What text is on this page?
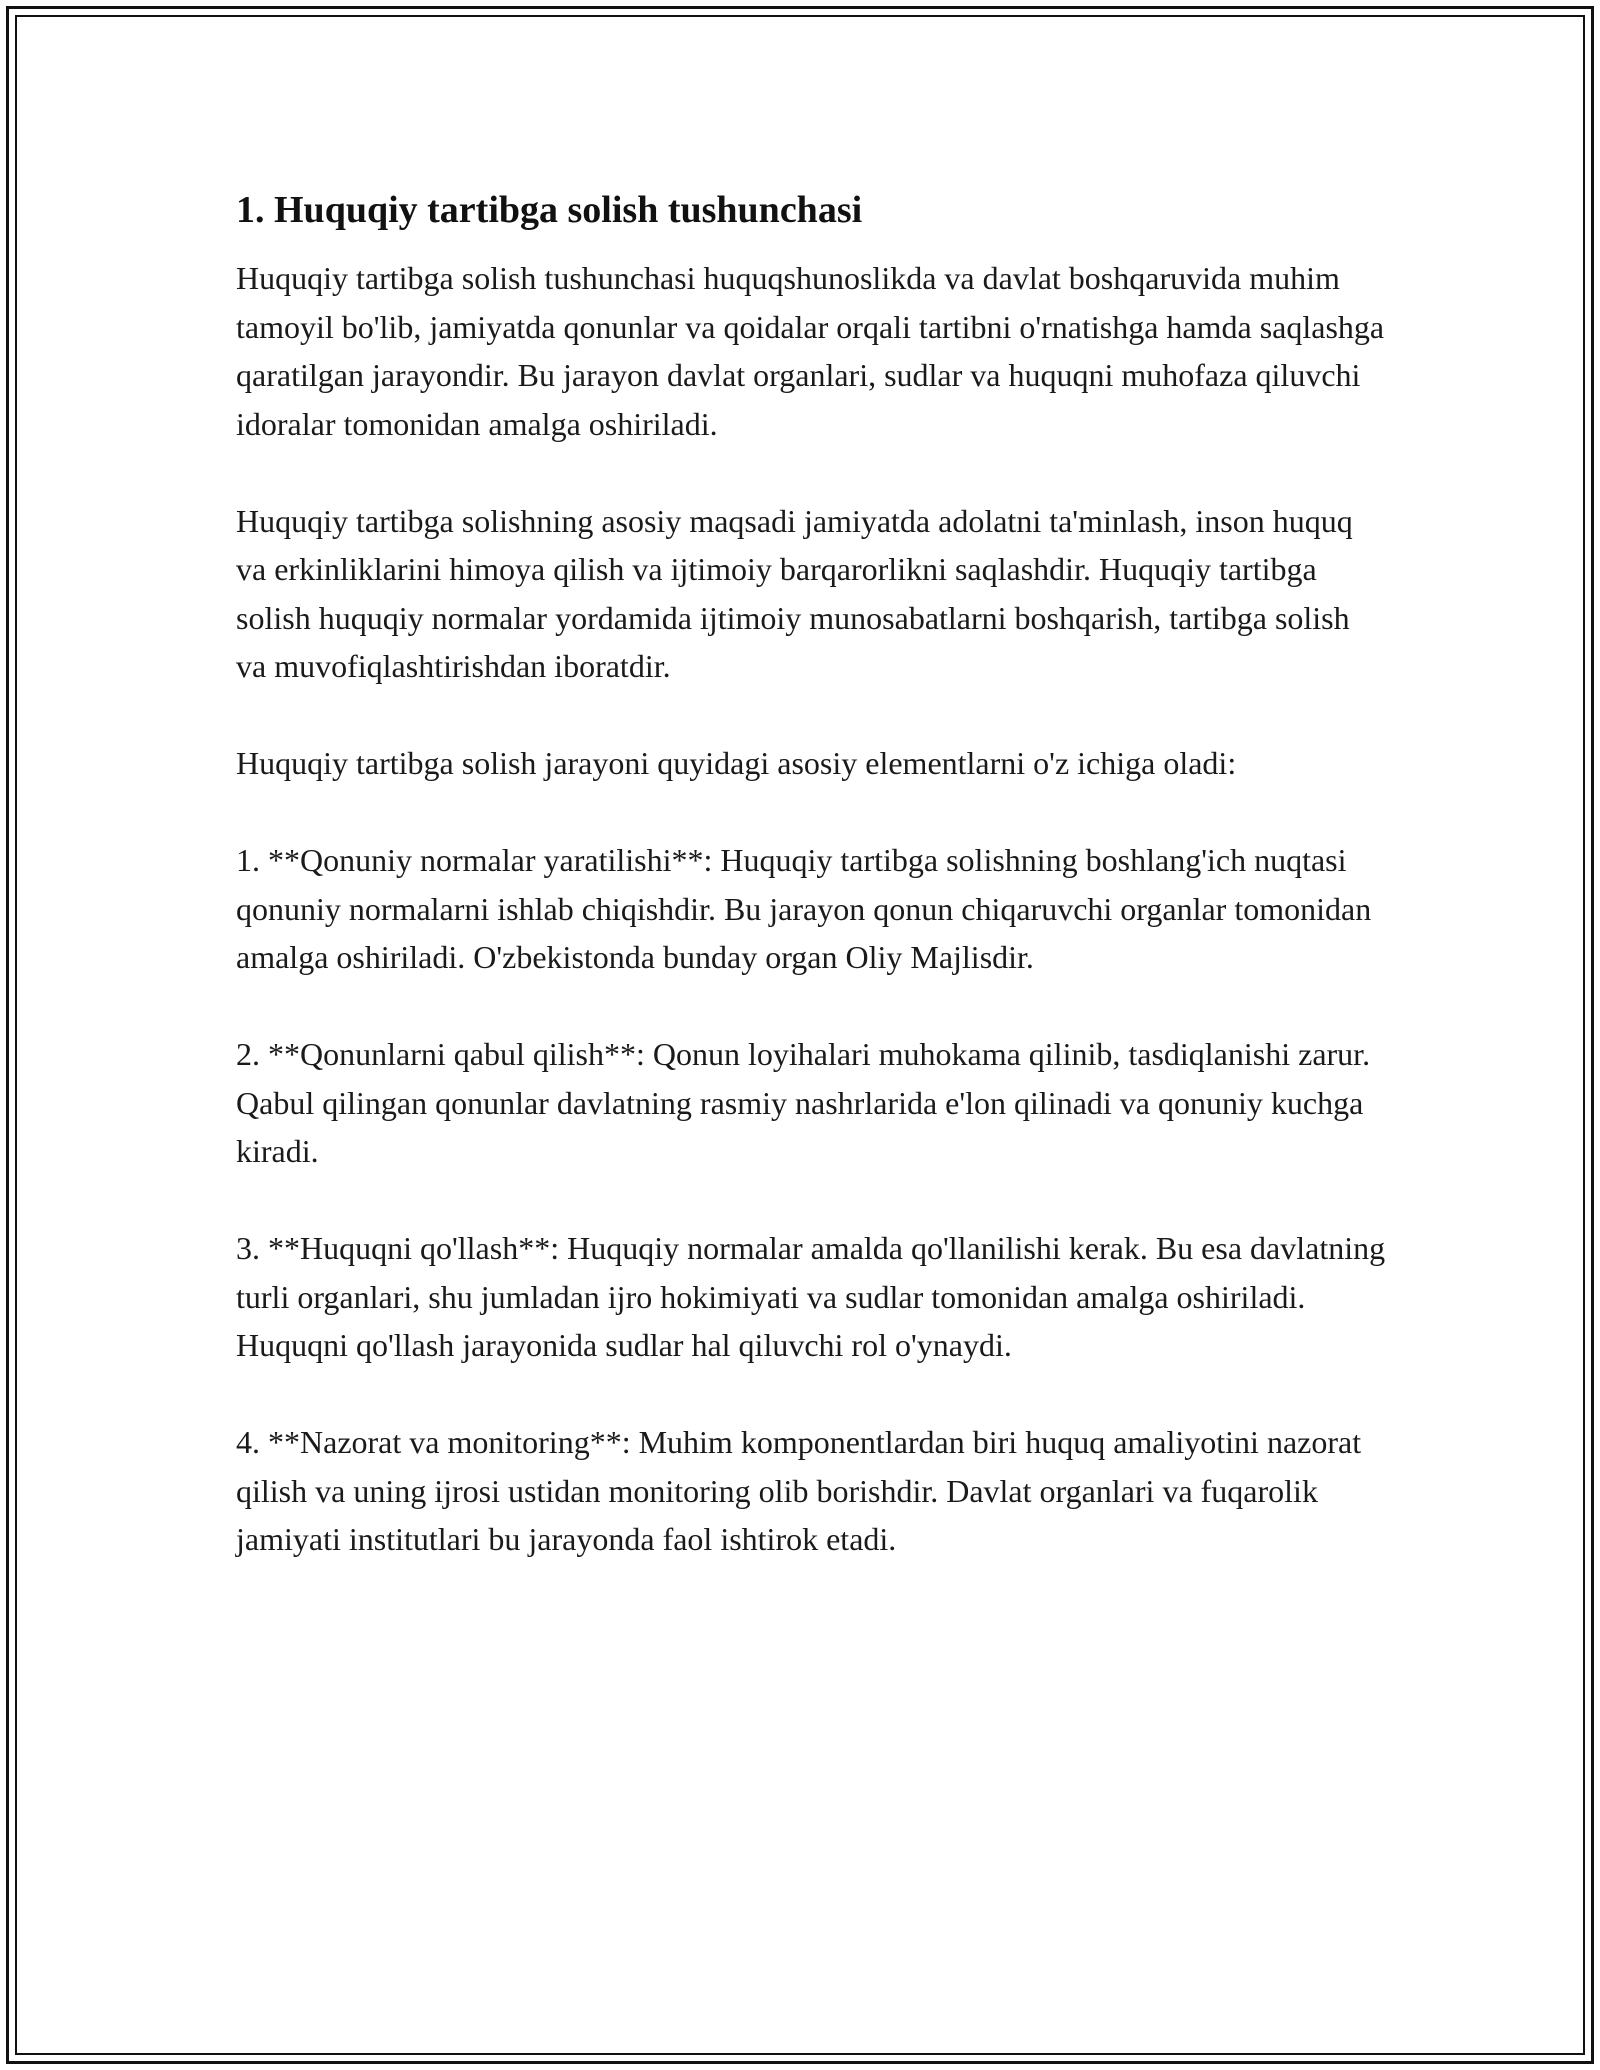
1. Huquqiy tartibga solish tushunchasi

Huquqiy tartibga solish tushunchasi huquqshunoslikda va davlat boshqaruvida muhim tamoyil bo'lib, jamiyatda qonunlar va qoidalar orqali tartibni o'rnatishga hamda saqlashga qaratilgan jarayondir. Bu jarayon davlat organlari, sudlar va huquqni muhofaza qiluvchi idoralar tomonidan amalga oshiriladi.

Huquqiy tartibga solishning asosiy maqsadi jamiyatda adolatni ta'minlash, inson huquq va erkinliklarini himoya qilish va ijtimoiy barqarorlikni saqlashdir. Huquqiy tartibga solish huquqiy normalar yordamida ijtimoiy munosabatlarni boshqarish, tartibga solish va muvofiqlashtirishdan iboratdir.

Huquqiy tartibga solish jarayoni quyidagi asosiy elementlarni o'z ichiga oladi:

1. **Qonuniy normalar yaratilishi**: Huquqiy tartibga solishning boshlang'ich nuqtasi qonuniy normalarni ishlab chiqishdir. Bu jarayon qonun chiqaruvchi organlar tomonidan amalga oshiriladi. O'zbekistonda bunday organ Oliy Majlisdir.

2. **Qonunlarni qabul qilish**: Qonun loyihalari muhokama qilinib, tasdiqlanishi zarur. Qabul qilingan qonunlar davlatning rasmiy nashrlarida e'lon qilinadi va qonuniy kuchga kiradi.

3. **Huquqni qo'llash**: Huquqiy normalar amalda qo'llanilishi kerak. Bu esa davlatning turli organlari, shu jumladan ijro hokimiyati va sudlar tomonidan amalga oshiriladi. Huquqni qo'llash jarayonida sudlar hal qiluvchi rol o'ynaydi.

4. **Nazorat va monitoring**: Muhim komponentlardan biri huquq amaliyotini nazorat qilish va uning ijrosi ustidan monitoring olib borishdir. Davlat organlari va fuqarolik jamiyati institutlari bu jarayonda faol ishtirok etadi.
